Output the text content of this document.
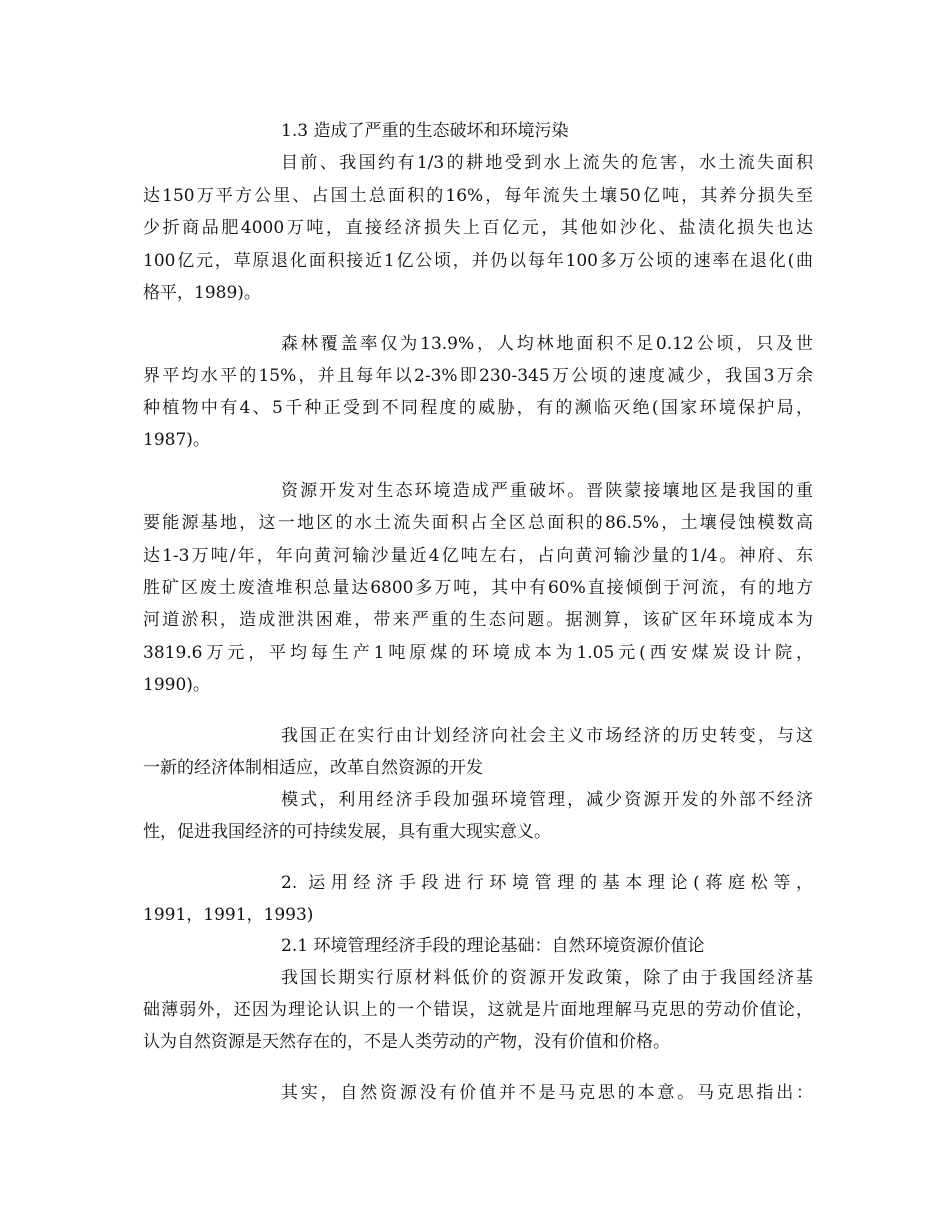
1.3 造成了严重的生态破坏和环境污染
目前、我国约有1/3的耕地受到水上流失的危害，水土流失面积
达150万平方公里、占国土总面积的16%，每年流失土壤50亿吨，其养分损失至
少折商品肥4000万吨，直接经济损失上百亿元，其他如沙化、盐渍化损失也达
100亿元，草原退化面积接近1亿公顷，并仍以每年100多万公顷的速率在退化(曲
格平，1989)。
森林覆盖率仅为13.9%，人均林地面积不足0.12公顷，只及世
界平均水平的15%，并且每年以2-3%即230-345万公顷的速度减少，我国3万余
种植物中有4、5千种正受到不同程度的威胁，有的濒临灭绝(国家环境保护局，
1987)。
资源开发对生态环境造成严重破坏。晋陕蒙接壤地区是我国的重
要能源基地，这一地区的水土流失面积占全区总面积的86.5%，土壤侵蚀模数高
达1-3万吨/年，年向黄河输沙量近4亿吨左右，占向黄河输沙量的1/4。神府、东
胜矿区废土废渣堆积总量达6800多万吨，其中有60%直接倾倒于河流，有的地方
河道淤积，造成泄洪困难，带来严重的生态问题。据测算，该矿区年环境成本为
3819.6万元，平均每生产1吨原煤的环境成本为1.05元(西安煤炭设计院，
1990)。
我国正在实行由计划经济向社会主义市场经济的历史转变，与这
一新的经济体制相适应，改革自然资源的开发
模式，利用经济手段加强环境管理，减少资源开发的外部不经济
性，促进我国经济的可持续发展，具有重大现实意义。
2. 运用经济手段进行环境管理的基本理论(蒋庭松等，
1991，1991，1993)
2.1 环境管理经济手段的理论基础：自然环境资源价值论
我国长期实行原材料低价的资源开发政策，除了由于我国经济基
础薄弱外，还因为理论认识上的一个错误，这就是片面地理解马克思的劳动价值论，
认为自然资源是天然存在的，不是人类劳动的产物，没有价值和价格。
其实，自然资源没有价值并不是马克思的本意。马克思指出：
